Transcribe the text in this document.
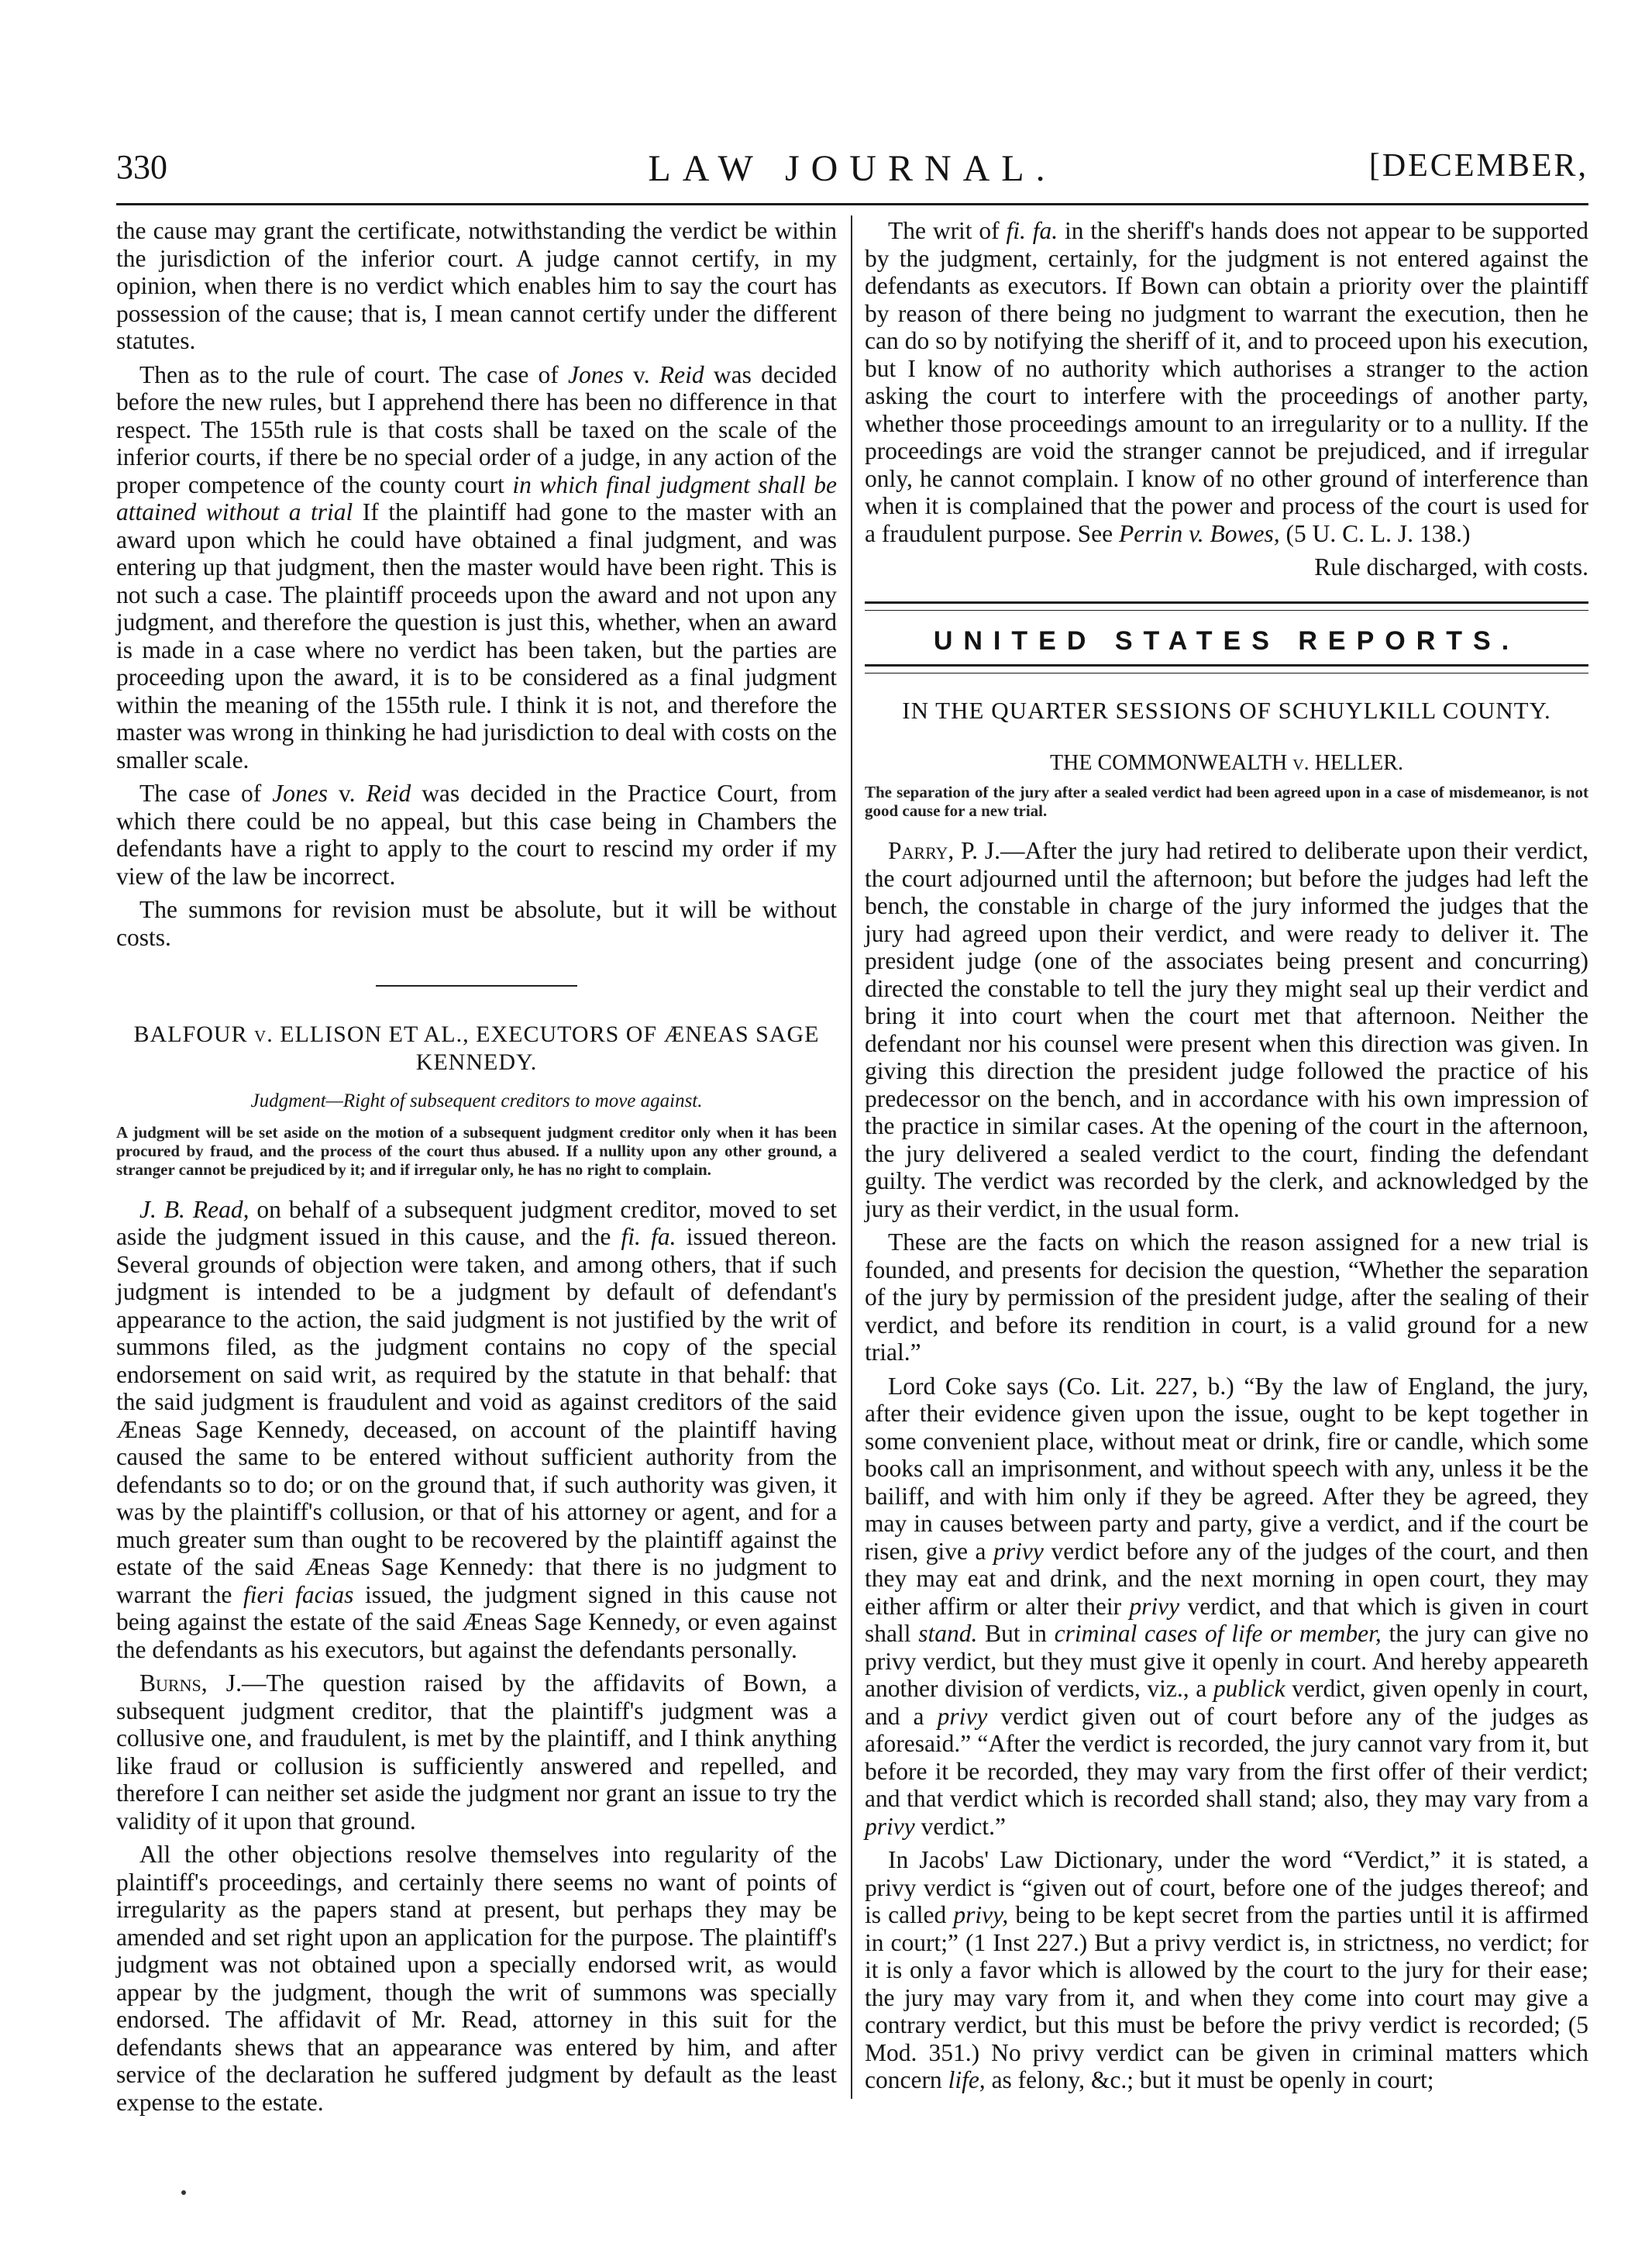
330	LAW JOURNAL.	[DECEMBER,

the cause may grant the certificate, notwithstanding the verdict be within the jurisdiction of the inferior court. A judge cannot certify, in my opinion, when there is no verdict which enables him to say the court has possession of the cause; that is, I mean cannot certify under the different statutes.

Then as to the rule of court. The case of Jones v. Reid was decided before the new rules, but I apprehend there has been no difference in that respect. The 155th rule is that costs shall be taxed on the scale of the inferior courts, if there be no special order of a judge, in any action of the proper competence of the county court in which final judgment shall be attained without a trial If the plaintiff had gone to the master with an award upon which he could have obtained a final judgment, and was entering up that judgment, then the master would have been right. This is not such a case. The plaintiff proceeds upon the award and not upon any judgment, and therefore the question is just this, whether, when an award is made in a case where no verdict has been taken, but the parties are proceeding upon the award, it is to be considered as a final judgment within the meaning of the 155th rule. I think it is not, and therefore the master was wrong in thinking he had jurisdiction to deal with costs on the smaller scale.

The case of Jones v. Reid was decided in the Practice Court, from which there could be no appeal, but this case being in Chambers the defendants have a right to apply to the court to rescind my order if my view of the law be incorrect.

The summons for revision must be absolute, but it will be without costs.

BALFOUR v. ELLISON ET AL., EXECUTORS OF ÆNEAS SAGE KENNEDY.
Judgment—Right of subsequent creditors to move against.
A judgment will be set aside on the motion of a subsequent judgment creditor only when it has been procured by fraud, and the process of the court thus abused. If a nullity upon any other ground, a stranger cannot be prejudiced by it; and if irregular only, he has no right to complain.

J. B. Read, on behalf of a subsequent judgment creditor, moved to set aside the judgment issued in this cause, and the fi. fa. issued thereon. Several grounds of objection were taken, and among others, that if such judgment is intended to be a judgment by default of defendant's appearance to the action, the said judgment is not justified by the writ of summons filed, as the judgment contains no copy of the special endorsement on said writ, as required by the statute in that behalf: that the said judgment is fraudulent and void as against creditors of the said Æneas Sage Kennedy, deceased, on account of the plaintiff having caused the same to be entered without sufficient authority from the defendants so to do; or on the ground that, if such authority was given, it was by the plaintiff's collusion, or that of his attorney or agent, and for a much greater sum than ought to be recovered by the plaintiff against the estate of the said Æneas Sage Kennedy: that there is no judgment to warrant the fieri facias issued, the judgment signed in this cause not being against the estate of the said Æneas Sage Kennedy, or even against the defendants as his executors, but against the defendants personally.

Burns, J.—The question raised by the affidavits of Bown, a subsequent judgment creditor, that the plaintiff's judgment was a collusive one, and fraudulent, is met by the plaintiff, and I think anything like fraud or collusion is sufficiently answered and repelled, and therefore I can neither set aside the judgment nor grant an issue to try the validity of it upon that ground.

All the other objections resolve themselves into regularity of the plaintiff's proceedings, and certainly there seems no want of points of irregularity as the papers stand at present, but perhaps they may be amended and set right upon an application for the purpose. The plaintiff's judgment was not obtained upon a specially endorsed writ, as would appear by the judgment, though the writ of summons was specially endorsed. The affidavit of Mr. Read, attorney in this suit for the defendants shews that an appearance was entered by him, and after service of the declaration he suffered judgment by default as the least expense to the estate.

The writ of fi. fa. in the sheriff's hands does not appear to be supported by the judgment, certainly, for the judgment is not entered against the defendants as executors. If Bown can obtain a priority over the plaintiff by reason of there being no judgment to warrant the execution, then he can do so by notifying the sheriff of it, and to proceed upon his execution, but I know of no authority which authorises a stranger to the action asking the court to interfere with the proceedings of another party, whether those proceedings amount to an irregularity or to a nullity. If the proceedings are void the stranger cannot be prejudiced, and if irregular only, he cannot complain. I know of no other ground of interference than when it is complained that the power and process of the court is used for a fraudulent purpose. See Perrin v. Bowes, (5 U. C. L. J. 138.)

Rule discharged, with costs.

UNITED STATES REPORTS.
IN THE QUARTER SESSIONS OF SCHUYLKILL COUNTY.
THE COMMONWEALTH v. HELLER.
The separation of the jury after a sealed verdict had been agreed upon in a case of misdemeanor, is not good cause for a new trial.

Parry, P. J.—After the jury had retired to deliberate upon their verdict, the court adjourned until the afternoon; but before the judges had left the bench, the constable in charge of the jury informed the judges that the jury had agreed upon their verdict, and were ready to deliver it. The president judge (one of the associates being present and concurring) directed the constable to tell the jury they might seal up their verdict and bring it into court when the court met that afternoon. Neither the defendant nor his counsel were present when this direction was given. In giving this direction the president judge followed the practice of his predecessor on the bench, and in accordance with his own impression of the practice in similar cases. At the opening of the court in the afternoon, the jury delivered a sealed verdict to the court, finding the defendant guilty. The verdict was recorded by the clerk, and acknowledged by the jury as their verdict, in the usual form.

These are the facts on which the reason assigned for a new trial is founded, and presents for decision the question, “Whether the separation of the jury by permission of the president judge, after the sealing of their verdict, and before its rendition in court, is a valid ground for a new trial.”

Lord Coke says (Co. Lit. 227, b.) “By the law of England, the jury, after their evidence given upon the issue, ought to be kept together in some convenient place, without meat or drink, fire or candle, which some books call an imprisonment, and without speech with any, unless it be the bailiff, and with him only if they be agreed. After they be agreed, they may in causes between party and party, give a verdict, and if the court be risen, give a privy verdict before any of the judges of the court, and then they may eat and drink, and the next morning in open court, they may either affirm or alter their privy verdict, and that which is given in court shall stand. But in criminal cases of life or member, the jury can give no privy verdict, but they must give it openly in court. And hereby appeareth another division of verdicts, viz., a publick verdict, given openly in court, and a privy verdict given out of court before any of the judges as aforesaid.” “After the verdict is recorded, the jury cannot vary from it, but before it be recorded, they may vary from the first offer of their verdict; and that verdict which is recorded shall stand; also, they may vary from a privy verdict.”

In Jacobs' Law Dictionary, under the word “Verdict,” it is stated, a privy verdict is “given out of court, before one of the judges thereof; and is called privy, being to be kept secret from the parties until it is affirmed in court;” (1 Inst 227.) But a privy verdict is, in strictness, no verdict; for it is only a favor which is allowed by the court to the jury for their ease; the jury may vary from it, and when they come into court may give a contrary verdict, but this must be before the privy verdict is recorded; (5 Mod. 351.) No privy verdict can be given in criminal matters which concern life, as felony, &c.; but it must be openly in court;
